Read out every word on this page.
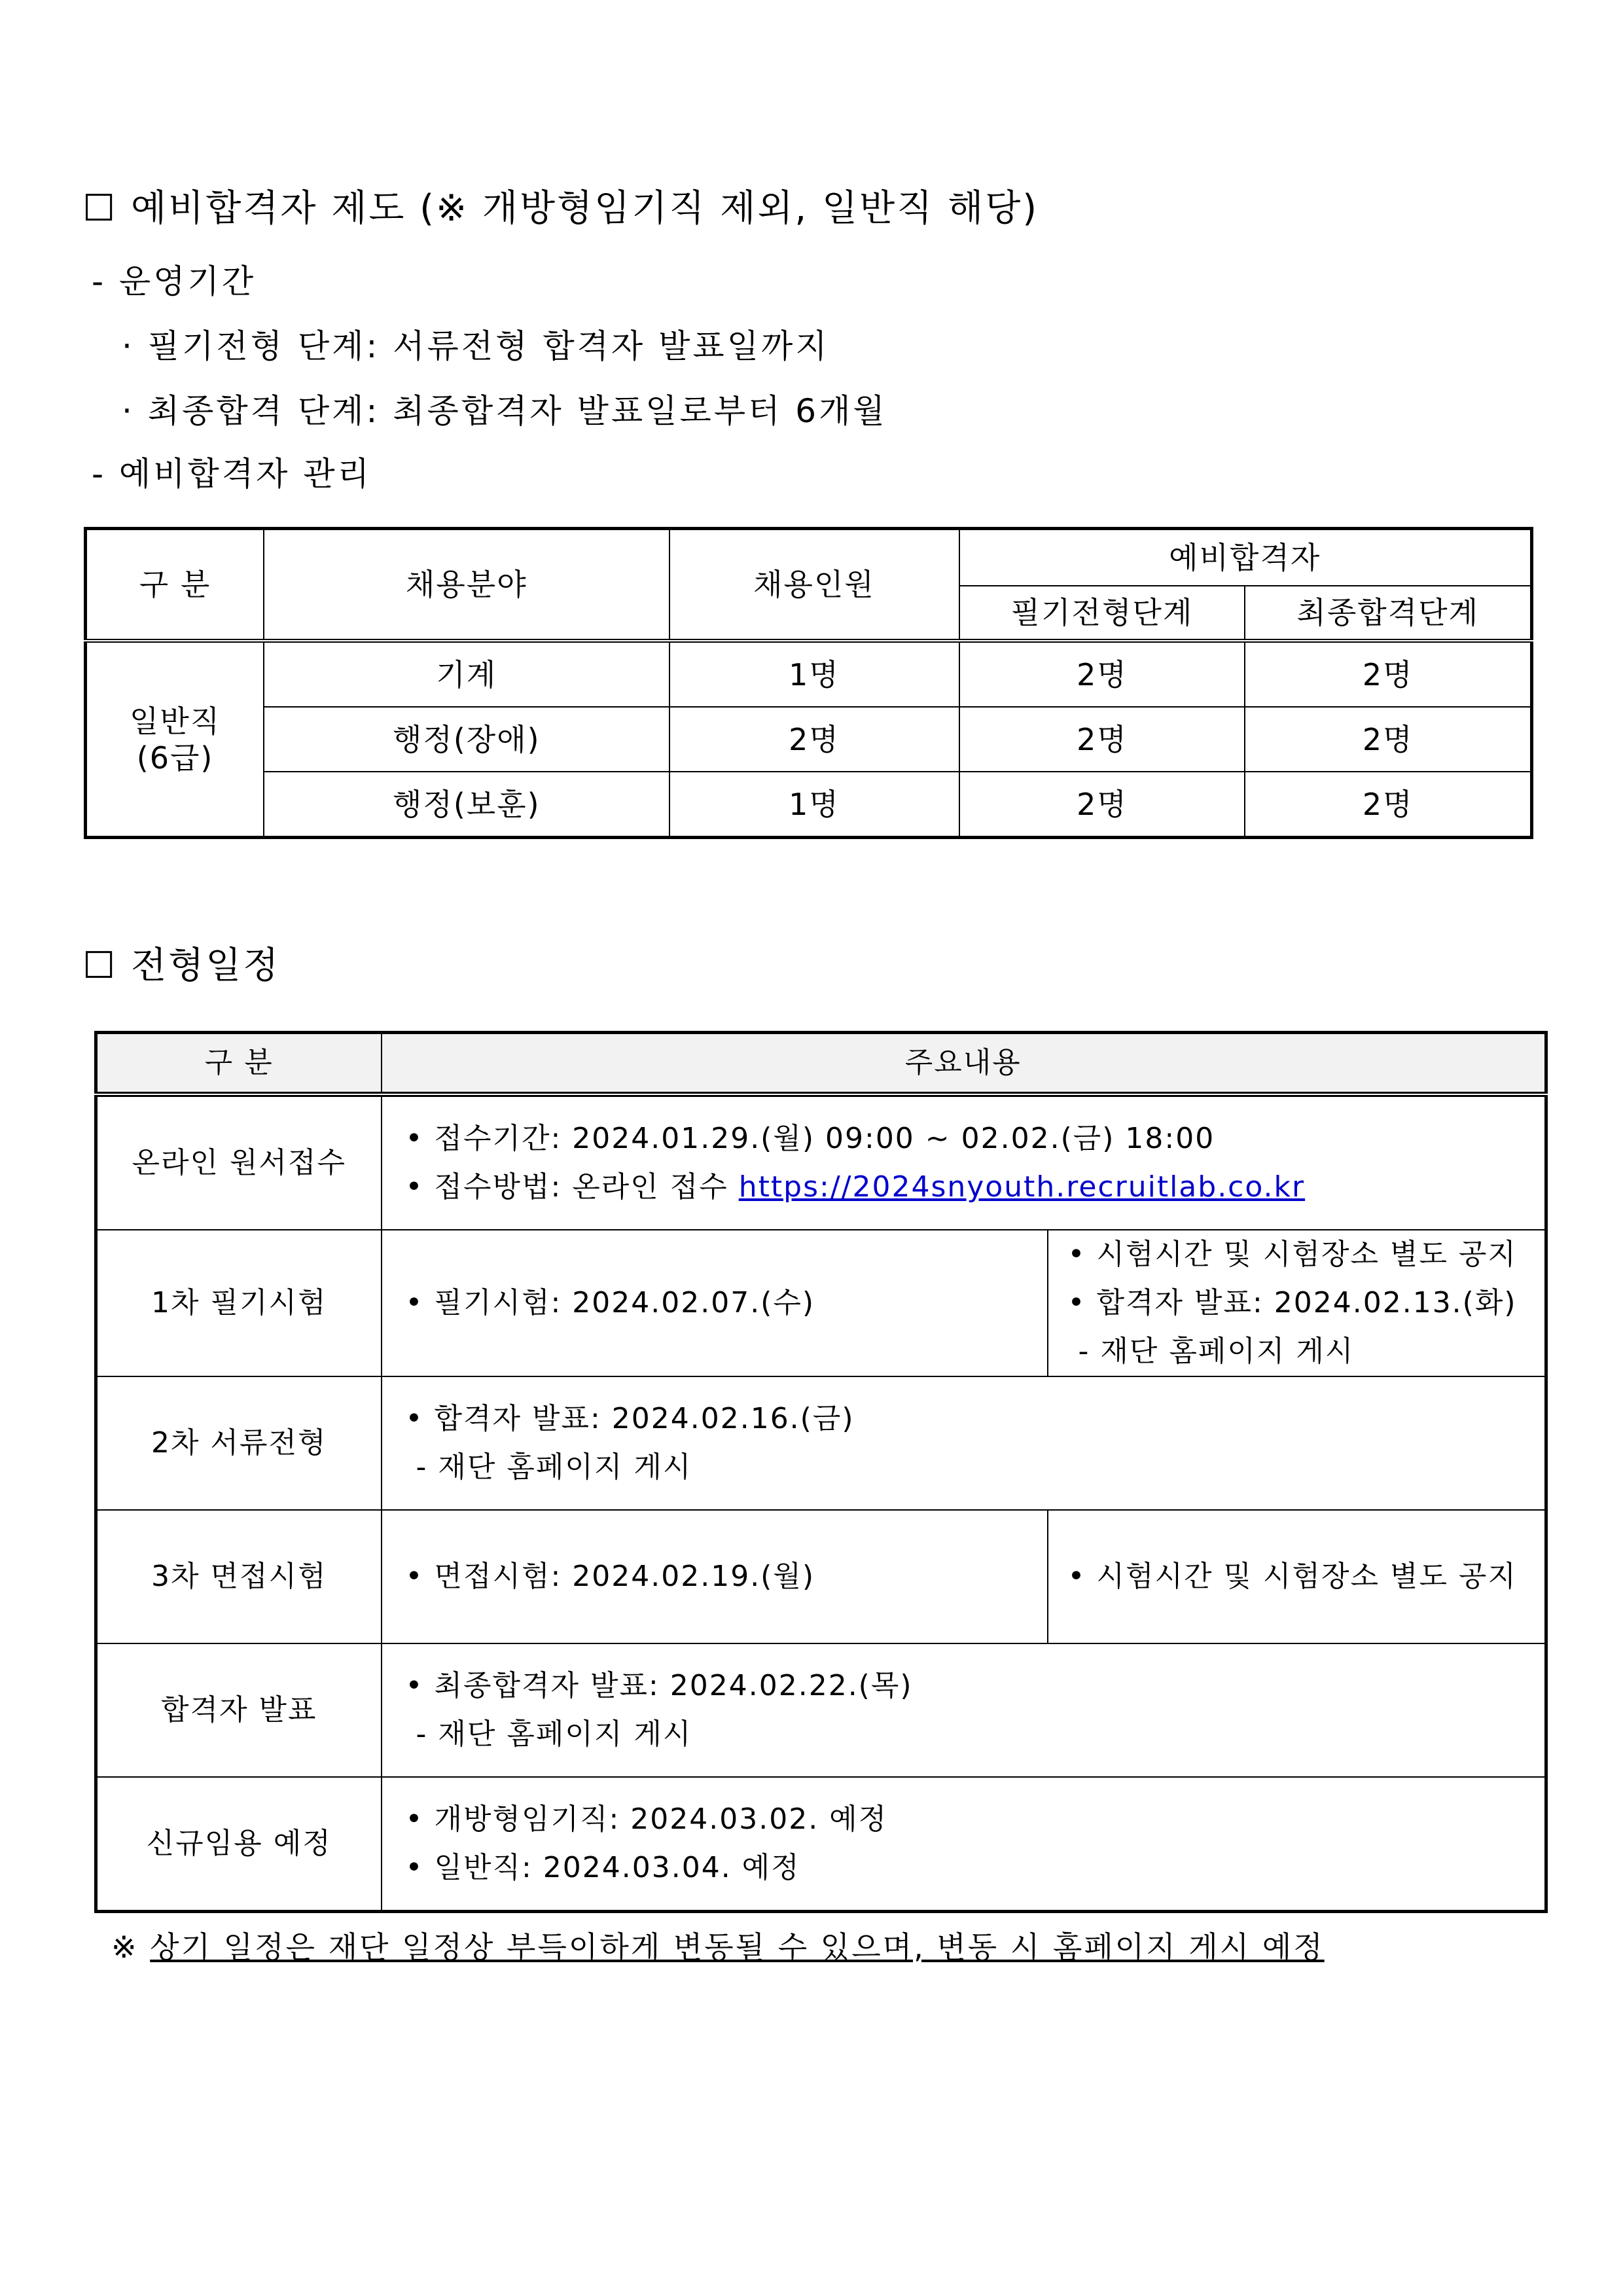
☐ 예비합격자 제도 (※ 개방형임기직 제외, 일반직 해당)
- 운영기간
· 필기전형 단계: 서류전형 합격자 발표일까지
· 최종합격 단계: 최종합격자 발표일로부터 6개월
- 예비합격자 관리
구 분	채용분야	채용인원	예비합격자	
			필기전형단계	최종합격단계

일반직
(6급)	기계	1명	2명	2명
	행정(장애)	2명	2명	2명
	행정(보훈)	1명	2명	2명
☐ 전형일정
구 분	주요내용	
온라인 원서접수	• 접수기간: 2024.01.29.(월) 09:00 ~ 02.02.(금) 18:00
• 접수방법: 온라인 접수 https://2024snyouth.recruitlab.co.kr	

1차 필기시험	• 필기시험: 2024.02.07.(수)	• 시험시간 및 시험장소 별도 공지
• 합격자 발표: 2024.02.13.(화)
- 재단 홈페이지 게시

2차 서류전형	• 합격자 발표: 2024.02.16.(금)
- 재단 홈페이지 게시	

3차 면접시험	• 면접시험: 2024.02.19.(월)	• 시험시간 및 시험장소 별도 공지
합격자 발표	• 최종합격자 발표: 2024.02.22.(목)
- 재단 홈페이지 게시	

신규임용 예정	• 개방형임기직: 2024.03.02. 예정
• 일반직: 2024.03.04. 예정	
※ 상기 일정은 재단 일정상 부득이하게 변동될 수 있으며, 변동 시 홈페이지 게시 예정
